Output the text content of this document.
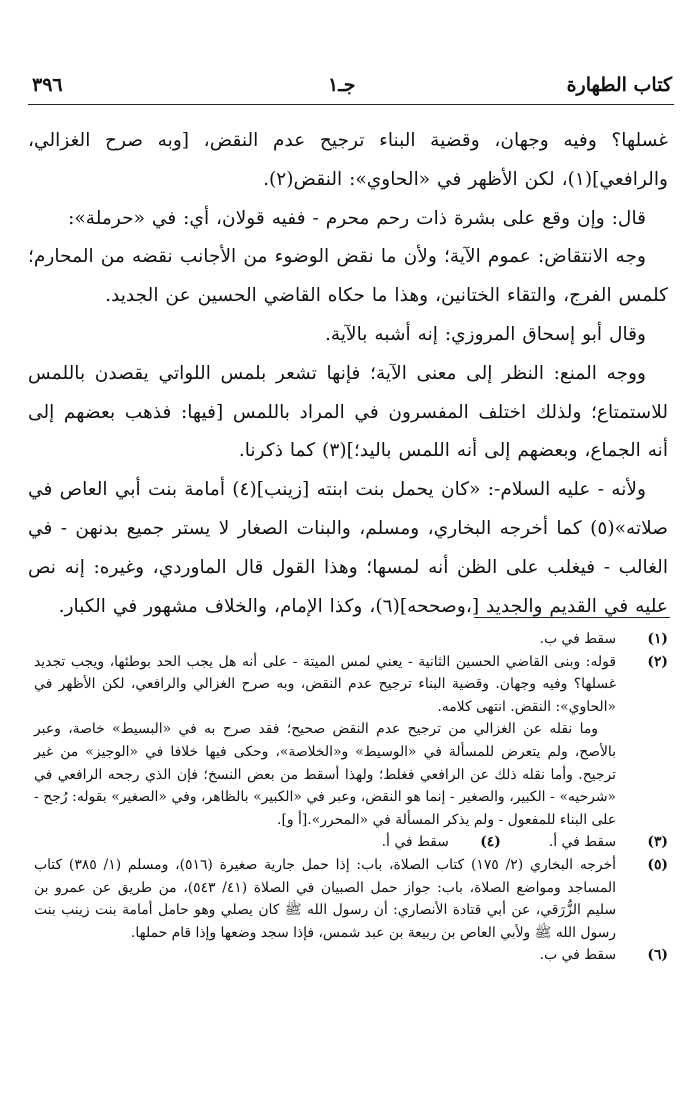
٣٩٦	جـ١	كتاب الطهارة

غسلها؟ وفيه وجهان، وقضية البناء ترجيح عدم النقض، [وبه صرح الغزالي، والرافعي](١)، لكن الأظهر في «الحاوي»: النقض(٢).

قال: وإن وقع على بشرة ذات رحم محرم - ففيه قولان، أي: في «حرملة»:

وجه الانتقاض: عموم الآية؛ ولأن ما نقض الوضوء من الأجانب نقضه من المحارم؛ كلمس الفرج، والتقاء الختانين، وهذا ما حكاه القاضي الحسين عن الجديد.

وقال أبو إسحاق المروزي: إنه أشبه بالآية.

ووجه المنع: النظر إلى معنى الآية؛ فإنها تشعر بلمس اللواتي يقصدن باللمس للاستمتاع؛ ولذلك اختلف المفسرون في المراد باللمس [فيها: فذهب بعضهم إلى أنه الجماع، وبعضهم إلى أنه اللمس باليد؛](٣) كما ذكرنا.

ولأنه - عليه السلام-: «كان يحمل بنت ابنته [زينب](٤) أمامة بنت أبي العاص في صلاته»(٥) كما أخرجه البخاري، ومسلم، والبنات الصغار لا يستر جميع بدنهن - في الغالب - فيغلب على الظن أنه لمسها؛ وهذا القول قال الماوردي، وغيره: إنه نص عليه في القديم والجديد [،وصححه](٦)، وكذا الإمام، والخلاف مشهور في الكبار.

(١)
سقط في ب.
(٢)

قوله: وبنى القاضي الحسين الثانية - يعني لمس الميتة - على أنه هل يجب الحد بوطئها، ويجب تجديد غسلها؟ وفيه وجهان. وقضية البناء ترجيح عدم النقض، وبه صرح الغزالي والرافعي، لكن الأظهر في «الحاوي»: النقض. انتهى كلامه.

وما نقله عن الغزالي من ترجيح عدم النقض صحيح؛ فقد صرح به في «البسيط» خاصة، وعبر بالأصح، ولم يتعرض للمسألة في «الوسيط» و«الخلاصة»، وحكى فيها خلافا في «الوجيز» من غير ترجيح. وأما نقله ذلك عن الرافعي فغلط؛ ولهذا أسقط من بعض النسخ؛ فإن الذي رجحه الرافعي في «شرحيه» - الكبير، والصغير - إنما هو النقض، وعبر في «الكبير» بالظاهر، وفي «الصغير» بقوله: رُجح - على البناء للمفعول - ولم يذكر المسألة في «المحرر».[أ و].

(٣)
سقط في أ.
(٤)
سقط في أ.
(٥)
أخرجه البخاري (٢/ ١٧٥) كتاب الصلاة، باب: إذا حمل جارية صغيرة (٥١٦)، ومسلم (١/ ٣٨٥) كتاب المساجد ومواضع الصلاة، باب: جواز حمل الصبيان في الصلاة (٤١/ ٥٤٣)، من طريق عن عمرو بن سليم الزُّرَقي، عن أبي قتادة الأنصاري: أن رسول الله ﷺ كان يصلي وهو حامل أمامة بنت زينب بنت رسول الله ﷺ ولأبي العاص بن ربيعة بن عبد شمس، فإذا سجد وضعها وإذا قام حملها.
(٦)
سقط في ب.
